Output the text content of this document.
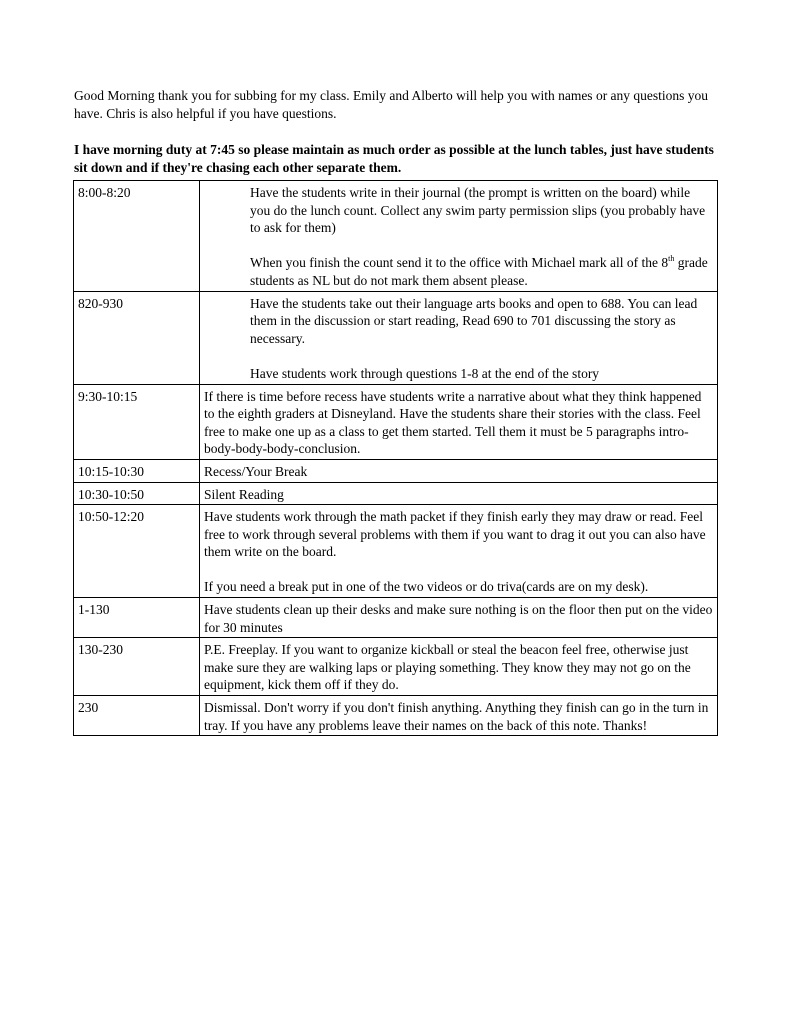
Good Morning thank you for subbing for my class. Emily and Alberto will help you with names or any questions you have. Chris is also helpful if you have questions.

I have morning duty at 7:45 so please maintain as much order as possible at the lunch tables, just have students sit down and if they're chasing each other separate them.

8:00-8:20	Have the students write in their journal (the prompt is written on the board) while you do the lunch count. Collect any swim party permission slips (you probably have to ask for them)

When you finish the count send it to the office with Michael mark all of the 8th grade students as NL but do not mark them absent please.

820-930	Have the students take out their language arts books and open to 688. You can lead them in the discussion or start reading, Read 690 to 701 discussing the story as necessary.

Have students work through questions 1-8 at the end of the story

9:30-10:15	If there is time before recess have students write a narrative about what they think happened to the eighth graders at Disneyland. Have the students share their stories with the class. Feel free to make one up as a class to get them started. Tell them it must be 5 paragraphs intro-body-body-body-conclusion.

10:15-10:30	Recess/Your Break

10:30-10:50	Silent Reading

10:50-12:20	Have students work through the math packet if they finish early they may draw or read. Feel free to work through several problems with them if you want to drag it out you can also have them write on the board.

If you need a break put in one of the two videos or do triva(cards are on my desk).

1-130	Have students clean up their desks and make sure nothing is on the floor then put on the video for 30 minutes

130-230	P.E. Freeplay. If you want to organize kickball or steal the beacon feel free, otherwise just make sure they are walking laps or playing something. They know they may not go on the equipment, kick them off if they do.

230	Dismissal. Don't worry if you don't finish anything. Anything they finish can go in the turn in tray. If you have any problems leave their names on the back of this note. Thanks!
